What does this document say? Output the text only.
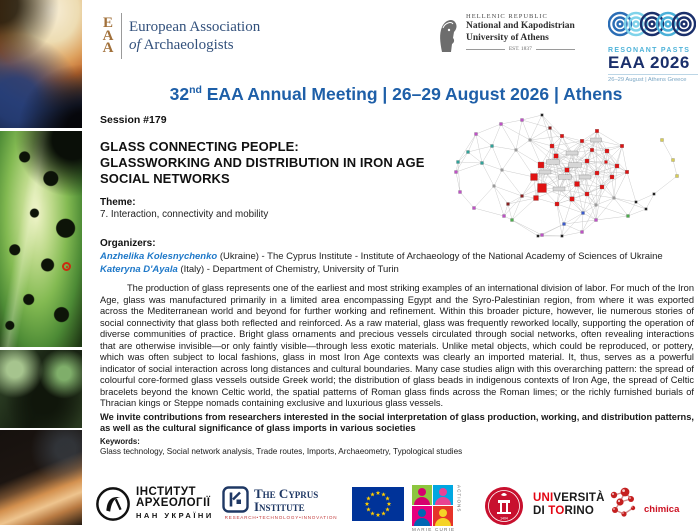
E
A
A
European Association
of Archaeologists
HELLENIC REPUBLIC
National and Kapodistrian
University of Athens
EST. 1837	RESONANT PASTS
EAA 2026
26–29 August | Athens Greece
32nd EAA Annual Meeting | 26–29 August 2026 | Athens
Session #179
GLASS CONNECTING PEOPLE:
GLASSWORKING AND DISTRIBUTION IN IRON AGE
SOCIAL NETWORKS
Theme:
7. Interaction, connectivity and mobility
Organizers:
Anzhelika Kolesnychenko (Ukraine) - The Cyprus Institute - Institute of Archaeology of the National Academy of Sciences of Ukraine
Kateryna D'Ayala (Italy) - Department of Chemistry, University of Turin
The production of glass represents one of the earliest and most striking examples of an international division of labor. For much of the Iron Age, glass was manufactured primarily in a limited area encompassing Egypt and the Syro-Palestinian region, from where it was exported across the Mediterranean world and beyond for further working and refinement. Within this broader picture, however, lie numerous stories of social connectivity that glass both reflected and reinforced. As a raw material, glass was frequently reworked locally, supporting the operation of diverse communities of practice. Bright glass ornaments and precious vessels circulated through social networks, often revealing interactions that are otherwise invisible—or only faintly visible—through less exotic materials. Unlike metal objects, which could be reproduced, or pottery, which was often subject to local fashions, glass in most Iron Age contexts was clearly an imported material. It, thus, serves as a powerful indicator of social interaction across long distances and cultural boundaries. Many case studies align with this overarching pattern: the spread of colourful core-formed glass vessels outside Greek world; the distribution of glass beads in indigenous contexts of Iron Age, the spread of Celtic bracelets beyond the known Celtic world, the spatial patterns of Roman glass finds across the Roman limes; or the richly furnished burials of Thracian kings or Steppe nomads containing exclusive and luxurious glass vessels.
We invite contributions from researchers interested in the social interpretation of glass production, working, and distribution patterns, as well as the cultural significance of glass imports in various societies
Keywords:
Glass technology, Social network analysis, Trade routes, Imports, Archaeometry, Typological studies
ІНСТИТУТ
АРХЕОЛОГІЇ
НАН УКРАЇНИ
The Cyprus
Institute
RESEARCH•TECHNOLOGY•INNOVATION
MARIE CURIE
ACTIONS
1404
UNIVERSITÀ
DI TORINO	chimica
